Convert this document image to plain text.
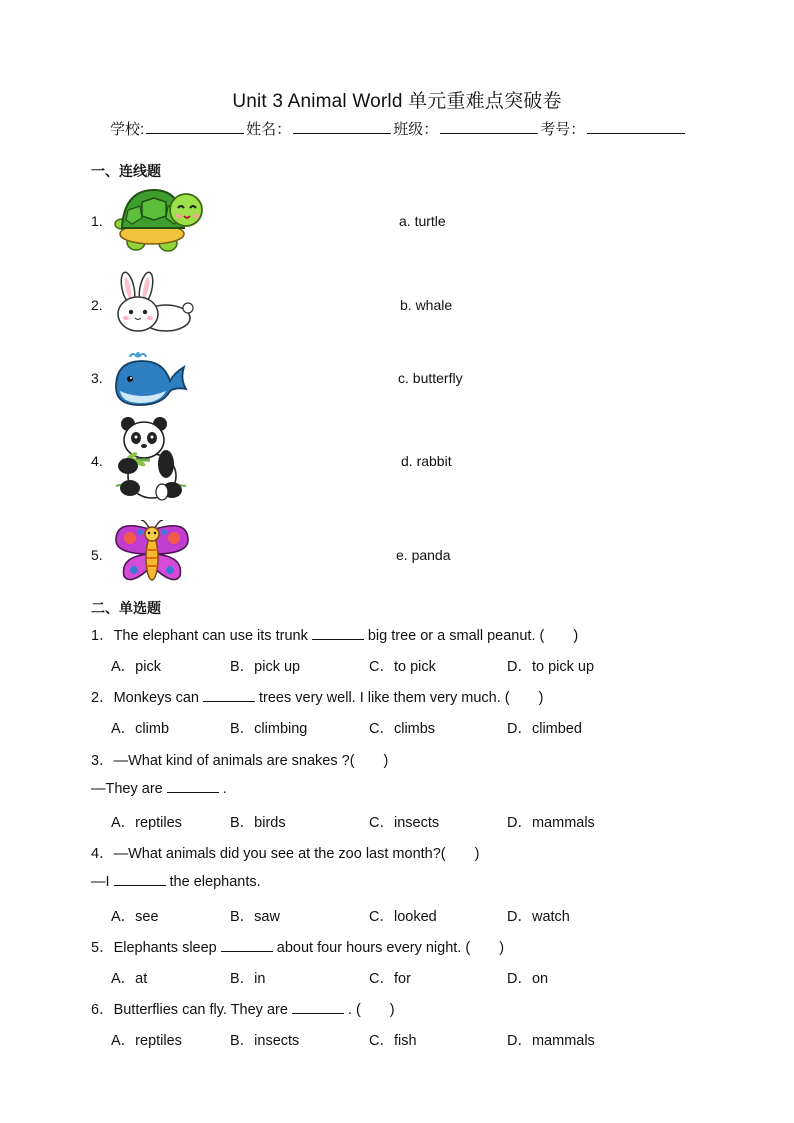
Unit 3 Animal World 单元重难点突破卷
学校:	姓名：	班级：	考号：
一、连线题
1.	a. turtle
2.	b. whale
3.	c. butterfly
4.	d. rabbit
5.	e. panda
二、单选题
1．The elephant can use its trunk	big tree or a small peanut. (　　)
A．pick	B．pick up	C．to pick	D．to pick up
2．Monkeys can	trees very well. I like them very much. (　　)
A．climb	B．climbing	C．climbs	D．climbed
3．—What kind of animals are snakes ?(　　)
—They are	.
A．reptiles	B．birds	C．insects	D．mammals
4．—What animals did you see at the zoo last month?(　　)
—I	the elephants.
A．see	B．saw	C．looked	D．watch
5．Elephants sleep	about four hours every night. (　　)
A．at	B．in	C．for	D．on
6．Butterflies can fly. They are	. (　　)
A．reptiles	B．insects	C．fish	D．mammals
